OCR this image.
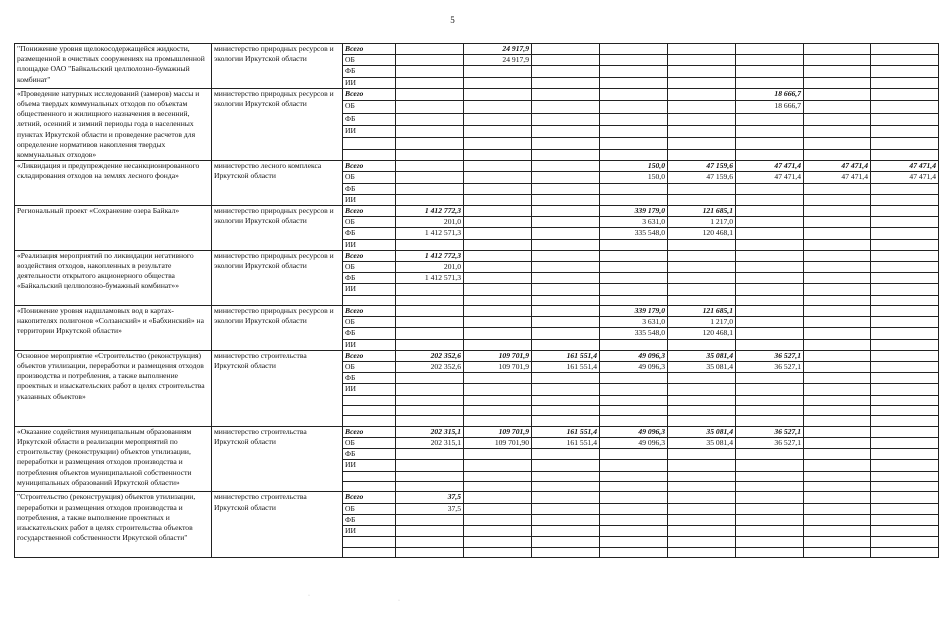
5
"Понижение уровня щелокосодержащейся жидкости, размещенной в очистных сооружениях на промышленной площадке ОАО "Байкальский целлюлозно-бумажный комбинат"	министерство природных ресурсов и экологии Иркутской области	Всего		24 917,9						
		ОБ		24 917,9						
		ФБ								
		ИИ								
«Проведение натурных исследований (замеров) массы и объема твердых коммунальных отходов по объектам общественного и жилищного назначения в весенний, летний, осенний и зимний периоды года в населенных пунктах Иркутской области и проведение расчетов для определение нормативов накопления твердых коммунальных отходов»	министерство природных ресурсов и экологии Иркутской области	Всего						18 666,7		
		ОБ						18 666,7		
		ФБ								
		ИИ								

«Ликвидация и предупреждение несанкционированного складирования отходов на землях лесного фонда»	министерство лесного комплекса Иркутской области	Всего				150,0	47 159,6	47 471,4	47 471,4	47 471,4
		ОБ				150,0	47 159,6	47 471,4	47 471,4	47 471,4
		ФБ								
		ИИ								
Региональный проект «Сохранение озера Байкал»	министерство природных ресурсов и экологии Иркутской области	Всего	1 412 772,3			339 179,0	121 685,1			
		ОБ	201,0			3 631,0	1 217,0			
		ФБ	1 412 571,3			335 548,0	120 468,1			
		ИИ								
«Реализация мероприятий по ликвидации негативного воздействия отходов, накопленных в результате деятельности открытого акционерного общества «Байкальский целлюлозно-бумажный комбинат»»	министерство природных ресурсов и экологии Иркутской области	Всего	1 412 772,3							
		ОБ	201,0							
		ФБ	1 412 571,3							
		ИИ								

«Понижение уровня надшламовых вод в картах-накопителях полигонов «Солзанский» и «Бабхинский» на территории Иркутской области»	министерство природных ресурсов и экологии Иркутской области	Всего				339 179,0	121 685,1			
		ОБ				3 631,0	1 217,0			
		ФБ				335 548,0	120 468,1			
		ИИ								
Основное мероприятие «Строительство (реконструкция) объектов утилизации, переработки и размещения отходов производства и потребления, а также выполнение проектных и изыскательских работ в целях строительства указанных объектов»	министерство строительства Иркутской области	Всего	202 352,6	109 701,9	161 551,4	49 096,3	35 081,4	36 527,1		
		ОБ	202 352,6	109 701,9	161 551,4	49 096,3	35 081,4	36 527,1		
		ФБ								
		ИИ								

«Оказание содействия муниципальным образованиям Иркутской области в реализации мероприятий по строительству (реконструкции) объектов утилизации, переработки и размещения отходов производства и потребления объектов муниципальной собственности муниципальных образований Иркутской области»	министерство строительства Иркутской области	Всего	202 315,1	109 701,9	161 551,4	49 096,3	35 081,4	36 527,1		
		ОБ	202 315,1	109 701,90	161 551,4	49 096,3	35 081,4	36 527,1		
		ФБ								
		ИИ								

"Строительство (реконструкция) объектов утилизации, переработки и размещения отходов производства и потребления, а также выполнение проектных и изыскательских работ в целях строительства объектов государственной собственности Иркутской области"	министерство строительства Иркутской области	Всего	37,5							
		ОБ	37,5							
		ФБ								
		ИИ								

·
·
